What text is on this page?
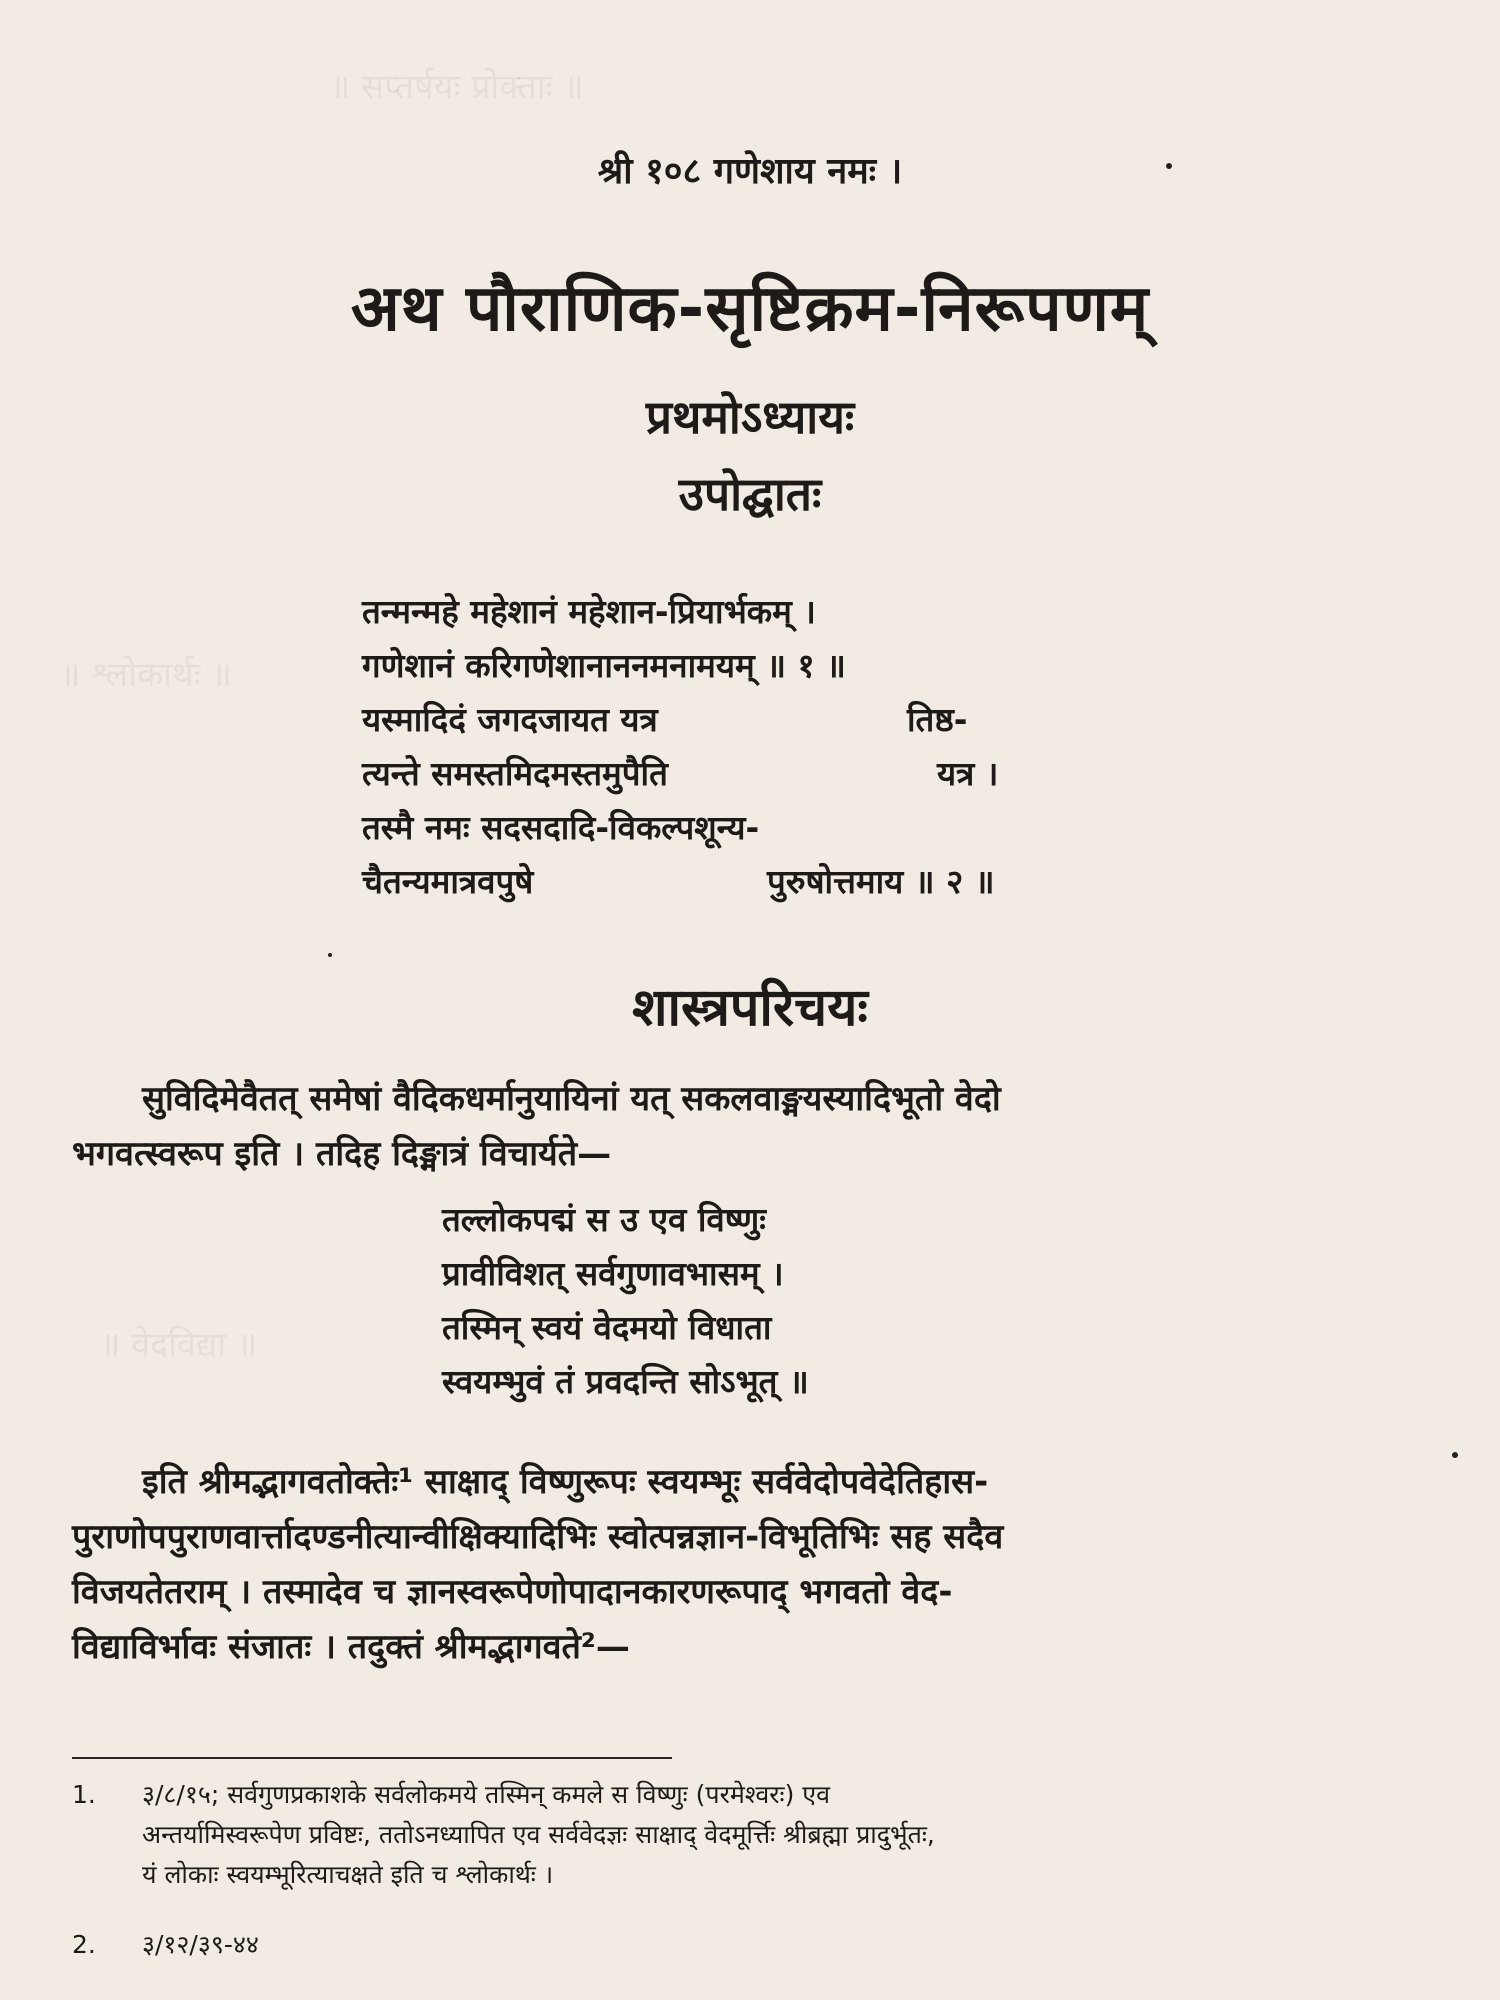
॥ सप्तर्षयः प्रोक्ताः ॥
॥ श्लोकार्थः ॥
॥ वेदविद्या ॥
श्री १०८ गणेशाय नमः ।
अथ पौराणिक-सृष्टिक्रम-निरूपणम्
प्रथमोऽध्यायः
उपोद्घातः
तन्मन्महे महेशानं महेशान-प्रियार्भकम् ।
गणेशानं करिगणेशानाननमनामयम् ॥ १ ॥
यस्मादिदं जगदजायत यत्र	तिष्ठ-
त्यन्ते समस्तमिदमस्तमुपैति	यत्र ।
तस्मै नमः सदसदादि-विकल्पशून्य-
चैतन्यमात्रवपुषे	पुरुषोत्तमाय ॥ २ ॥
शास्त्रपरिचयः
सुविदिमेवैतत् समेषां वैदिकधर्मानुयायिनां यत् सकलवाङ्मयस्यादिभूतो वेदो
भगवत्स्वरूप इति । तदिह दिङ्मात्रं विचार्यते—
तल्लोकपद्मं स उ एव विष्णुः
प्रावीविशत् सर्वगुणावभासम् ।
तस्मिन् स्वयं वेदमयो विधाता
स्वयम्भुवं तं प्रवदन्ति सोऽभूत् ॥
इति श्रीमद्भागवतोक्तेः¹ साक्षाद् विष्णुरूपः स्वयम्भूः सर्ववेदोपवेदेतिहास-
पुराणोपपुराणवार्त्तादण्डनीत्यान्वीक्षिक्यादिभिः स्वोत्पन्नज्ञान-विभूतिभिः सह सदैव
विजयतेतराम् । तस्मादेव च ज्ञानस्वरूपेणोपादानकारणरूपाद् भगवतो वेद-
विद्याविर्भावः संजातः । तदुक्तं श्रीमद्भागवते²—
1. ३/८/१५; सर्वगुणप्रकाशके सर्वलोकमये तस्मिन् कमले स विष्णुः (परमेश्वरः) एव
अन्तर्यामिस्वरूपेण प्रविष्टः, ततोऽनध्यापित एव सर्ववेदज्ञः साक्षाद् वेदमूर्त्तिः श्रीब्रह्मा प्रादुर्भूतः,
यं लोकाः स्वयम्भूरित्याचक्षते इति च श्लोकार्थः ।
2. ३/१२/३९-४४
